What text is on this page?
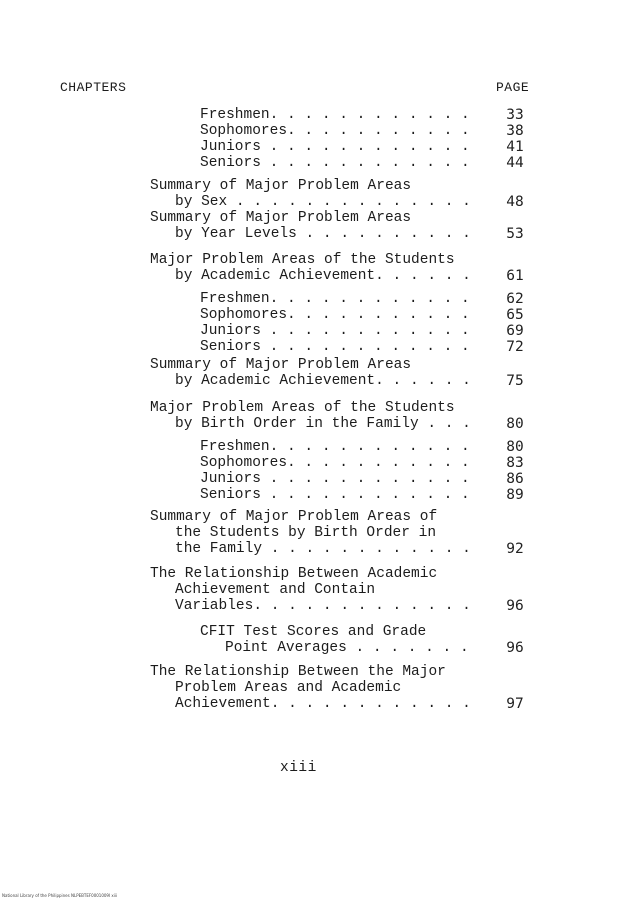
CHAPTERS	PAGE
Freshmen. . . . . . . . . . . .	33
Sophomores. . . . . . . . . . .	38
Juniors . . . . . . . . . . . .	41
Seniors . . . . . . . . . . . .	44
Summary of Major Problem Areas
by Sex . . . . . . . . . . . . . .	48
Summary of Major Problem Areas
by Year Levels . . . . . . . . . .	53
Major Problem Areas of the Students
by Academic Achievement. . . . . .	61
Freshmen. . . . . . . . . . . .	62
Sophomores. . . . . . . . . . .	65
Juniors . . . . . . . . . . . .	69
Seniors . . . . . . . . . . . .	72
Summary of Major Problem Areas
by Academic Achievement. . . . . .	75
Major Problem Areas of the Students
by Birth Order in the Family . . .	80
Freshmen. . . . . . . . . . . .	80
Sophomores. . . . . . . . . . .	83
Juniors . . . . . . . . . . . .	86
Seniors . . . . . . . . . . . .	89
Summary of Major Problem Areas of
the Students by Birth Order in
the Family . . . . . . . . . . . .	92
The Relationship Between Academic
Achievement and Contain
Variables. . . . . . . . . . . . .	96
CFIT Test Scores and Grade
Point Averages . . . . . . .	96
The Relationship Between the Major
Problem Areas and Academic
Achievement. . . . . . . . . . . .	97
xiii
National Library of the Philippines NLPEBTEF0001009I xiii
